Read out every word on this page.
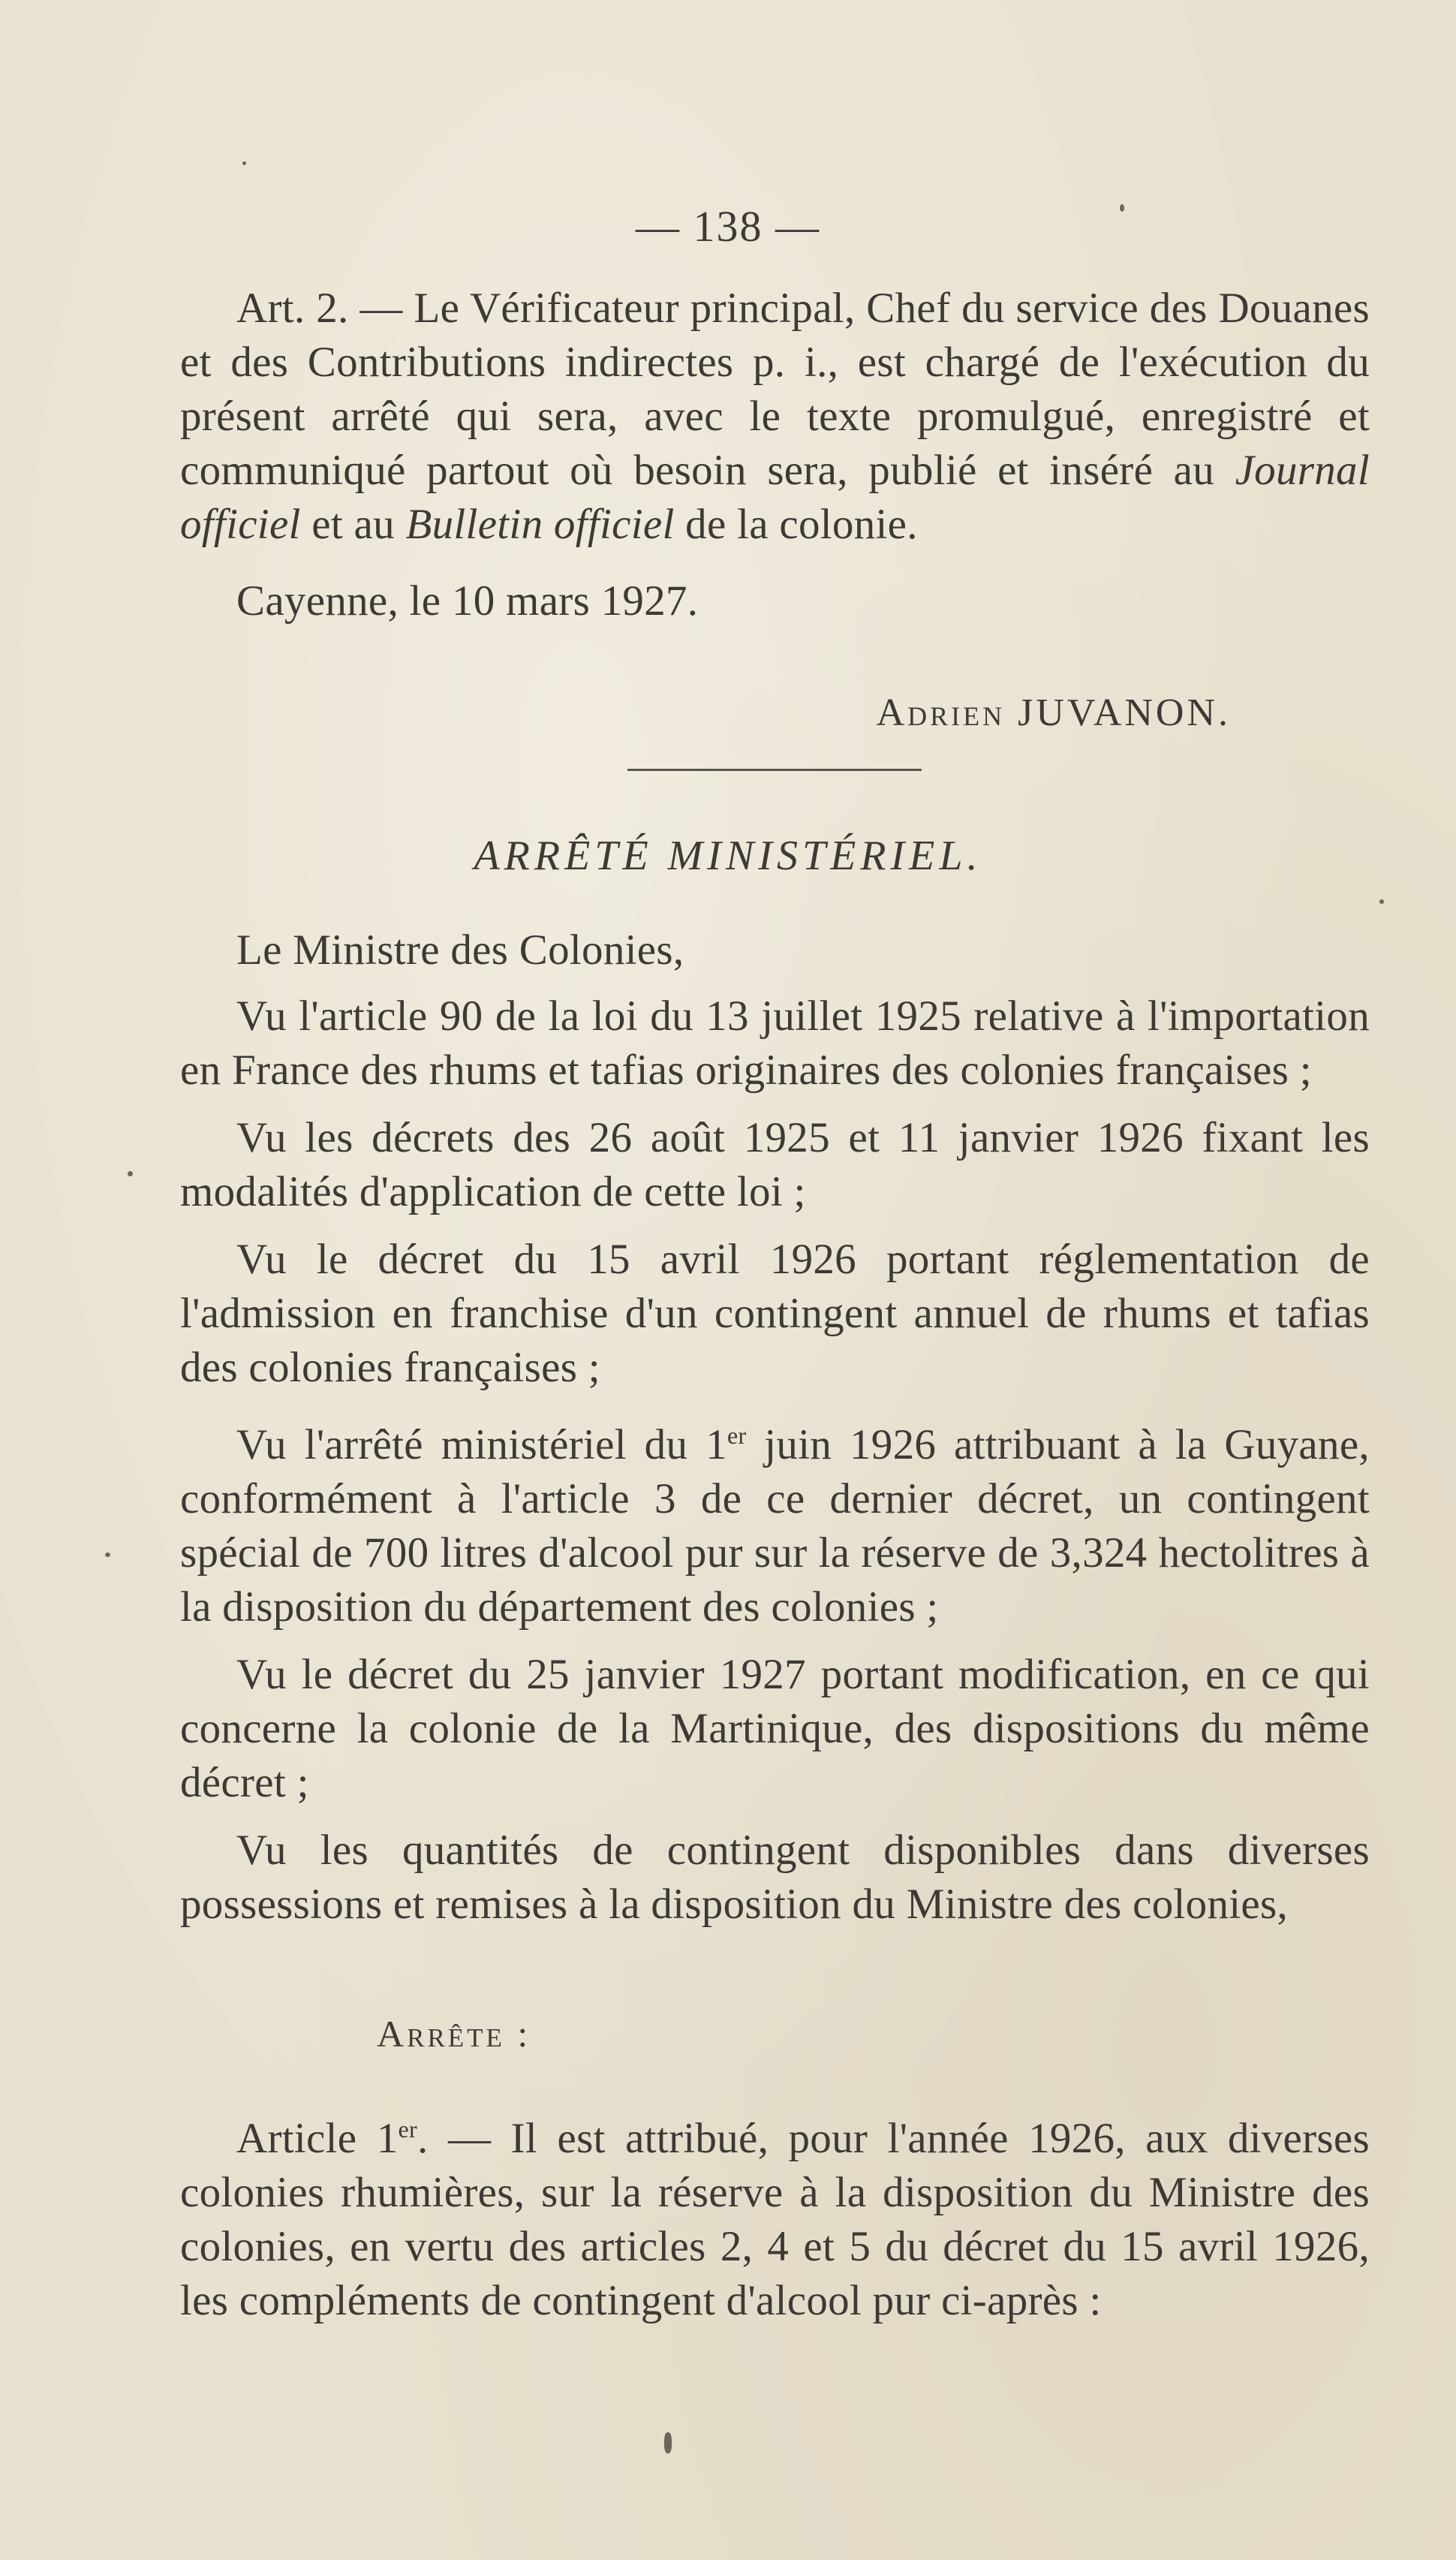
— 138 —

Art. 2. — Le Vérificateur principal, Chef du service des Douanes et des Contributions indirectes p. i., est chargé de l'exécution du présent arrêté qui sera, avec le texte promulgué, enregistré et communiqué partout où besoin sera, publié et inséré au Journal officiel et au Bulletin officiel de la colonie.

Cayenne, le 10 mars 1927.

Adrien JUVANON.
ARRÊTÉ MINISTÉRIEL.

Le Ministre des Colonies,

Vu l'article 90 de la loi du 13 juillet 1925 relative à l'importation en France des rhums et tafias originaires des colonies françaises ;

Vu les décrets des 26 août 1925 et 11 janvier 1926 fixant les modalités d'application de cette loi ;

Vu le décret du 15 avril 1926 portant réglementation de l'admission en franchise d'un contingent annuel de rhums et tafias des colonies françaises ;

Vu l'arrêté ministériel du 1er juin 1926 attribuant à la Guyane, conformément à l'article 3 de ce dernier décret, un contingent spécial de 700 litres d'alcool pur sur la réserve de 3,324 hectolitres à la disposition du département des colonies ;

Vu le décret du 25 janvier 1927 portant modification, en ce qui concerne la colonie de la Martinique, des dispositions du même décret ;

Vu les quantités de contingent disponibles dans diverses possessions et remises à la disposition du Ministre des colonies,

Arrête :

Article 1er. — Il est attribué, pour l'année 1926, aux diverses colonies rhumières, sur la réserve à la disposition du Ministre des colonies, en vertu des articles 2, 4 et 5 du décret du 15 avril 1926, les compléments de contingent d'alcool pur ci-après :
